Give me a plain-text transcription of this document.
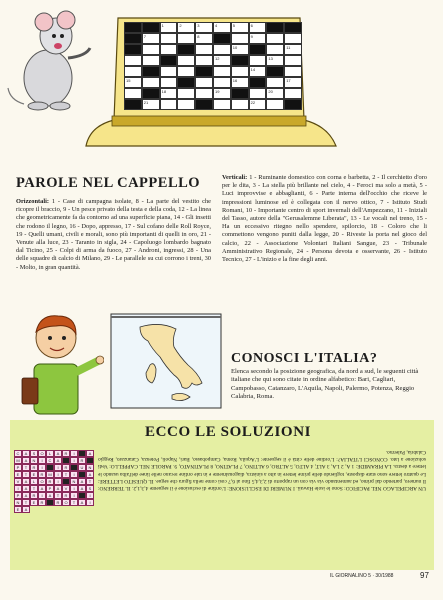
1	2	3	4	5	6
7	8	9
10	11
12	13
14
15	16	17
18	19	20
21	22
PAROLE NEL CAPPELLO
Orizzontali: 1 - Case di campagna isolate, 8 - La parte del vestito che ricopre il braccio, 9 - Un pesce privato della testa e della coda, 12 - La linea che geometricamente fa da contorno ad una superficie piana, 14 - Gli insetti che rodono il legno, 16 - Dopo, appresso, 17 - Sul cofano delle Roll Royce, 19 - Quelli umani, civili e morali, sono più importanti di quelli in oro, 21 - Venute alla luce, 23 - Taranto in sigla, 24 - Capoluogo lombardo bagnato dal Ticino, 25 - Colpi di arma da fuoco, 27 - Androni, ingressi, 28 - Una delle squadre di calcio di Milano, 29 - Le parallele su cui corrono i treni, 30 - Molto, in gran quantità.
Verticali: 1 - Ruminante domestico con corna e barbetta, 2 - Il cerchietto d'oro per le dita, 3 - La stella più brillante nel cielo, 4 - Feroci ma solo a metà, 5 - Luci improvvise e abbaglianti, 6 - Parte interna dell'occhio che riceve le impressioni luminose ed è collegata con il nervo ottico, 7 - Istituto Studi Romani, 10 - Importante centro di sport invernali dell'Ampezzano, 11 - Iniziali del Tasso, autore della "Gerusalemme Liberata", 13 - Le vocali nel treno, 15 - Ha un eccessivo ritegno nello spendere, spilorcio, 18 - Coloro che li commettono vengono puniti dalla legge, 20 - Riveste la porta nel gioco del calcio, 22 - Associazione Volontari Italiani Sangue, 23 - Tribunale Amministrativo Regionale, 24 - Persona devota e osservante, 26 - Istituto Tecnico, 27 - L'inizio e la fine degli anni.
CONOSCI L'ITALIA?
Elenca secondo la posizione geografica, da nord a sud, le seguenti città italiane che qui sono citate in ordine alfabetico: Bari, Cagliari, Campobasso, Catanzaro, L'Aquila, Napoli, Palermo, Potenza, Reggio Calabria, Roma.
ECCO LE SOLUZIONI
C	A	S	O	L	A	R	I	A
M	A	N	I	C	A	I	R
P	T	R	I	I	R	U	N
E	T	E	R	M	I	T	I	A
V	A	L	O	R	I	N	A	T
I	A	T	A	P	A	V	I	A	S
P	A	R	I	A	T	R	I	I
N	T	E	R	R	O	T	A	I
E	A
UN ARCIPELAGO NEL PACIFICO: Sono le isole Hawaii. I NUMERI DI ESCLUSIONE: L'ordine di esclusione è il seguente 4,3,1,2. IL TERRENO: Il numero, partendo dal primo, ed aumentando via via con un rapporto di 2,3,4,5 fino al 6,7 così come nella figura che segue. IL QUESITO LETTERE: Le quattro lettere sono state disposte, togliendo delle prime lettere in alto a sinistra, diagonalmente e in tale ordine recano nelle linee dell'alba usando le lettere a destra. LA PIRAMIDE: 1 A, 2 LA, 3 ALT, 4 ALTO, 5 ALTRO, 6 ALTINO, 7 PLATINO, 8 PLATINATO, 9. PAROLE NEL CAPPELLO: Vedi soluzione a lato. CONOSCI L'ITALIA?: L'ordine delle città è il seguente: L'Aquila, Roma, Campobasso, Bari, Napoli, Potenza, Catanzaro, Reggio Calabria, Palermo.
IL GIORNALINO 5 · 30/1988	97
